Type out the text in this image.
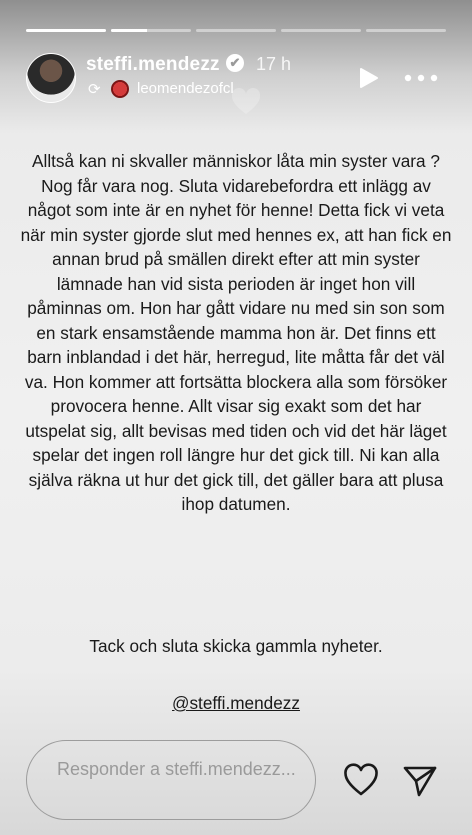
steffi.mendezz ✔ 17 h
⟳ leomendezofcl

Alltså kan ni skvaller människor låta min syster vara ? Nog får vara nog. Sluta vidarebefordra ett inlägg av något som inte är en nyhet för henne! Detta fick vi veta när min syster gjorde slut med hennes ex, att han fick en annan brud på smällen direkt efter att min syster lämnade han vid sista perioden är inget hon vill påminnas om. Hon har gått vidare nu med sin son som en stark ensamstående mamma hon är. Det finns ett barn inblandad i det här, herregud, lite måtta får det väl va. Hon kommer att fortsätta blockera alla som försöker provocera henne. Allt visar sig exakt som det har utspelat sig, allt bevisas med tiden och vid det här läget spelar det ingen roll längre hur det gick till. Ni kan alla själva räkna ut hur det gick till, det gäller bara att plusa ihop datumen.

Tack och sluta skicka gammla nyheter.
@steffi.mendezz
Responder a steffi.mendezz...
